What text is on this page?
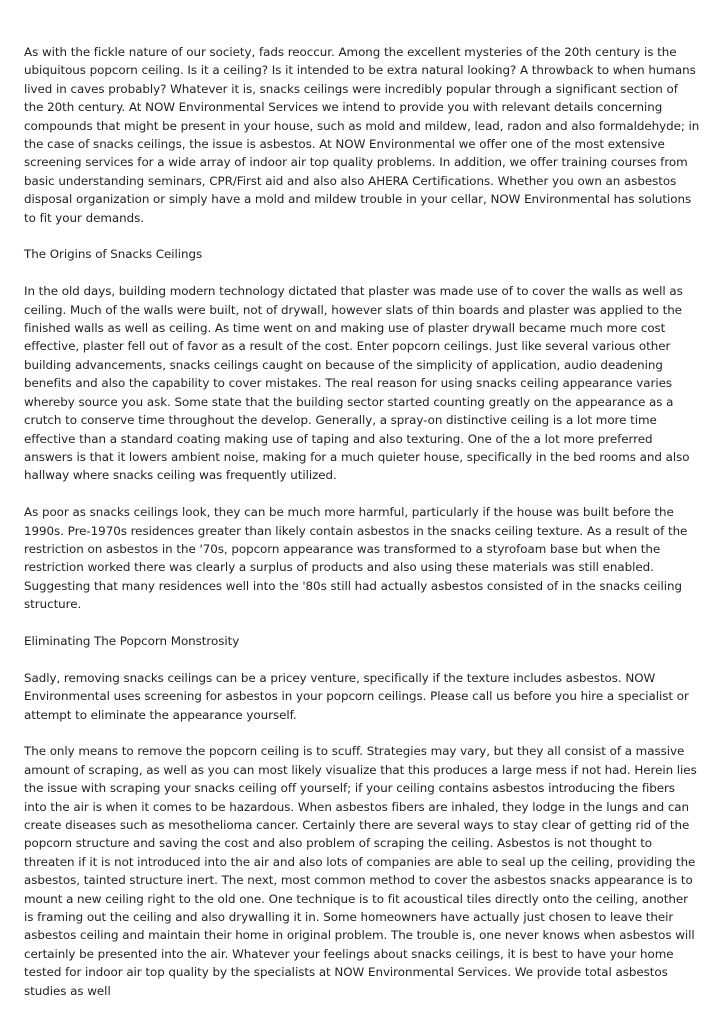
As with the fickle nature of our society, fads reoccur. Among the excellent mysteries of the 20th century is the ubiquitous popcorn ceiling. Is it a ceiling? Is it intended to be extra natural looking? A throwback to when humans lived in caves probably? Whatever it is, snacks ceilings were incredibly popular through a significant section of the 20th century. At NOW Environmental Services we intend to provide you with relevant details concerning compounds that might be present in your house, such as mold and mildew, lead, radon and also formaldehyde; in the case of snacks ceilings, the issue is asbestos. At NOW Environmental we offer one of the most extensive screening services for a wide array of indoor air top quality problems. In addition, we offer training courses from basic understanding seminars, CPR/First aid and also also AHERA Certifications. Whether you own an asbestos disposal organization or simply have a mold and mildew trouble in your cellar, NOW Environmental has solutions to fit your demands.

The Origins of Snacks Ceilings

In the old days, building modern technology dictated that plaster was made use of to cover the walls as well as ceiling. Much of the walls were built, not of drywall, however slats of thin boards and plaster was applied to the finished walls as well as ceiling. As time went on and making use of plaster drywall became much more cost effective, plaster fell out of favor as a result of the cost. Enter popcorn ceilings. Just like several various other building advancements, snacks ceilings caught on because of the simplicity of application, audio deadening benefits and also the capability to cover mistakes. The real reason for using snacks ceiling appearance varies whereby source you ask. Some state that the building sector started counting greatly on the appearance as a crutch to conserve time throughout the develop. Generally, a spray-on distinctive ceiling is a lot more time effective than a standard coating making use of taping and also texturing. One of the a lot more preferred answers is that it lowers ambient noise, making for a much quieter house, specifically in the bed rooms and also hallway where snacks ceiling was frequently utilized.

As poor as snacks ceilings look, they can be much more harmful, particularly if the house was built before the 1990s. Pre-1970s residences greater than likely contain asbestos in the snacks ceiling texture. As a result of the restriction on asbestos in the '70s, popcorn appearance was transformed to a styrofoam base but when the restriction worked there was clearly a surplus of products and also using these materials was still enabled. Suggesting that many residences well into the '80s still had actually asbestos consisted of in the snacks ceiling structure.

Eliminating The Popcorn Monstrosity

Sadly, removing snacks ceilings can be a pricey venture, specifically if the texture includes asbestos. NOW Environmental uses screening for asbestos in your popcorn ceilings. Please call us before you hire a specialist or attempt to eliminate the appearance yourself.

The only means to remove the popcorn ceiling is to scuff. Strategies may vary, but they all consist of a massive amount of scraping, as well as you can most likely visualize that this produces a large mess if not had. Herein lies the issue with scraping your snacks ceiling off yourself; if your ceiling contains asbestos introducing the fibers into the air is when it comes to be hazardous. When asbestos fibers are inhaled, they lodge in the lungs and can create diseases such as mesothelioma cancer. Certainly there are several ways to stay clear of getting rid of the popcorn structure and saving the cost and also problem of scraping the ceiling. Asbestos is not thought to threaten if it is not introduced into the air and also lots of companies are able to seal up the ceiling, providing the asbestos, tainted structure inert. The next, most common method to cover the asbestos snacks appearance is to mount a new ceiling right to the old one. One technique is to fit acoustical tiles directly onto the ceiling, another is framing out the ceiling and also drywalling it in. Some homeowners have actually just chosen to leave their asbestos ceiling and maintain their home in original problem. The trouble is, one never knows when asbestos will certainly be presented into the air. Whatever your feelings about snacks ceilings, it is best to have your home tested for indoor air top quality by the specialists at NOW Environmental Services. We provide total asbestos studies as well
